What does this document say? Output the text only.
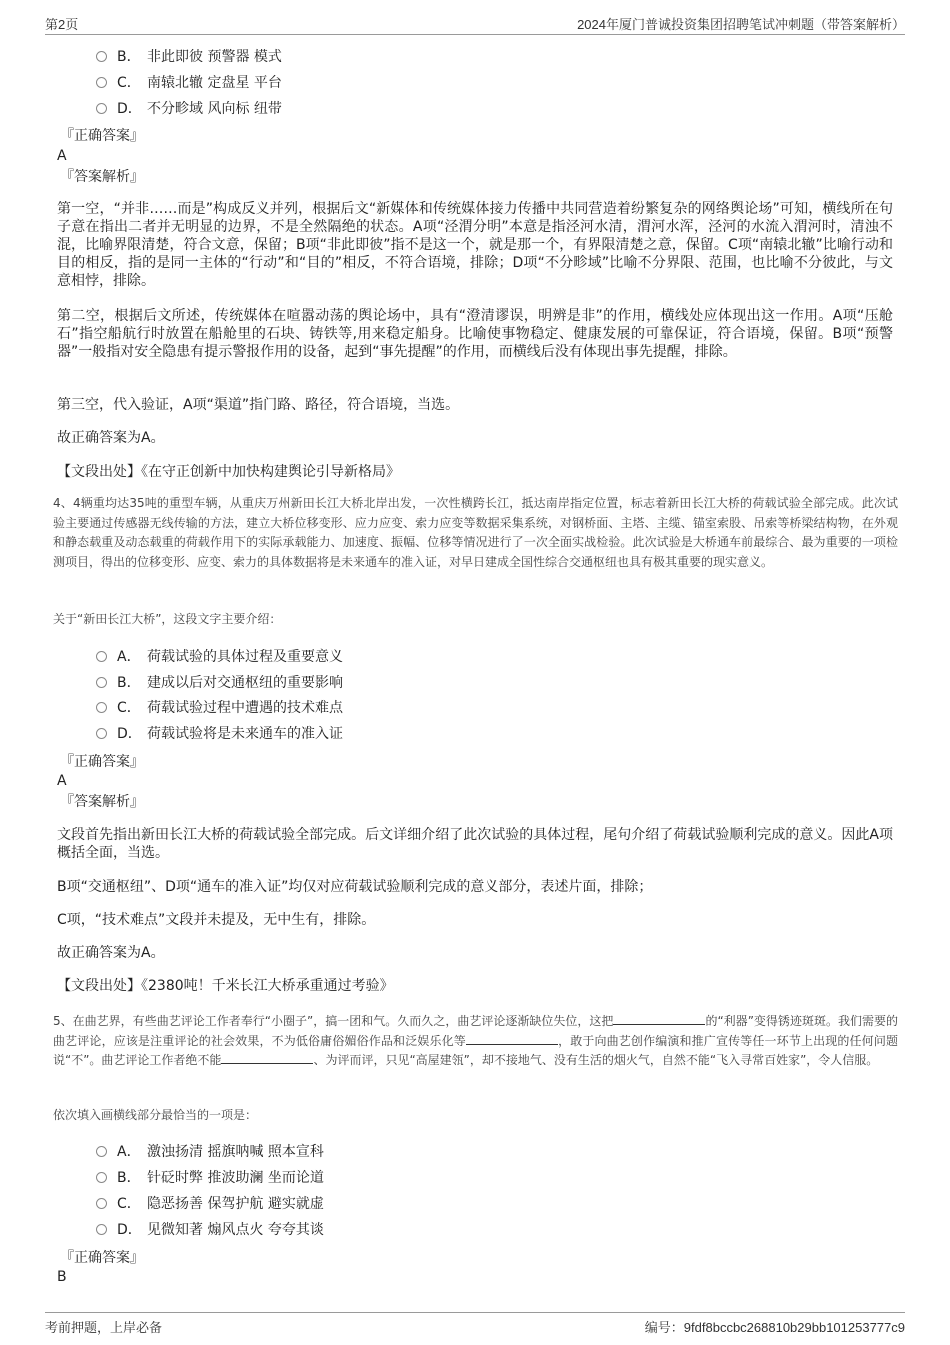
第2页	2024年厦门普诚投资集团招聘笔试冲刺题（带答案解析）
B． 非此即彼 预警器 模式
C． 南辕北辙 定盘星 平台
D． 不分畛域 风向标 纽带
『正确答案』
A
『答案解析』
第一空，“并非……而是”构成反义并列，根据后文“新媒体和传统媒体接力传播中共同营造着纷繁复杂的网络舆论场”可知，横线所在句子意在指出二者并无明显的边界，不是全然隔绝的状态。A项“泾渭分明”本意是指泾河水清，渭河水浑，泾河的水流入渭河时，清浊不混，比喻界限清楚，符合文意，保留；B项“非此即彼”指不是这一个，就是那一个，有界限清楚之意，保留。C项“南辕北辙”比喻行动和目的相反，指的是同一主体的“行动”和“目的”相反，不符合语境，排除；D项“不分畛域”比喻不分界限、范围，也比喻不分彼此，与文意相悖，排除。
第二空，根据后文所述，传统媒体在喧嚣动荡的舆论场中，具有“澄清谬误，明辨是非”的作用，横线处应体现出这一作用。A项“压舱石”指空船航行时放置在船舱里的石块、铸铁等,用来稳定船身。比喻使事物稳定、健康发展的可靠保证，符合语境，保留。B项“预警器”一般指对安全隐患有提示警报作用的设备，起到“事先提醒”的作用，而横线后没有体现出事先提醒，排除。
第三空，代入验证，A项“渠道”指门路、路径，符合语境，当选。
故正确答案为A。
【文段出处】《在守正创新中加快构建舆论引导新格局》
4、4辆重均达35吨的重型车辆，从重庆万州新田长江大桥北岸出发，一次性横跨长江，抵达南岸指定位置，标志着新田长江大桥的荷载试验全部完成。此次试验主要通过传感器无线传输的方法，建立大桥位移变形、应力应变、索力应变等数据采集系统，对钢桥面、主塔、主缆、锚室索股、吊索等桥梁结构物，在外观和静态载重及动态载重的荷载作用下的实际承载能力、加速度、振幅、位移等情况进行了一次全面实战检验。此次试验是大桥通车前最综合、最为重要的一项检测项目，得出的位移变形、应变、索力的具体数据将是未来通车的准入证，对早日建成全国性综合交通枢纽也具有极其重要的现实意义。
关于“新田长江大桥”，这段文字主要介绍：
A． 荷载试验的具体过程及重要意义
B． 建成以后对交通枢纽的重要影响
C． 荷载试验过程中遭遇的技术难点
D． 荷载试验将是未来通车的准入证
『正确答案』
A
『答案解析』
文段首先指出新田长江大桥的荷载试验全部完成。后文详细介绍了此次试验的具体过程，尾句介绍了荷载试验顺利完成的意义。因此A项概括全面，当选。
B项“交通枢纽”、D项“通车的准入证”均仅对应荷载试验顺利完成的意义部分，表述片面，排除；
C项，“技术难点”文段并未提及，无中生有，排除。
故正确答案为A。
【文段出处】《2380吨！千米长江大桥承重通过考验》
5、在曲艺界，有些曲艺评论工作者奉行“小圈子”，搞一团和气。久而久之，曲艺评论逐渐缺位失位，这把	的“利器”变得锈迹斑斑。我们需要的曲艺评论，应该是注重评论的社会效果，不为低俗庸俗媚俗作品和泛娱乐化等	，敢于向曲艺创作编演和推广宣传等任一环节上出现的任何问题说“不”。曲艺评论工作者绝不能	、为评而评，只见“高屋建瓴”，却不接地气、没有生活的烟火气，自然不能“飞入寻常百姓家”，令人信服。
依次填入画横线部分最恰当的一项是：
A． 激浊扬清 摇旗呐喊 照本宣科
B． 针砭时弊 推波助澜 坐而论道
C． 隐恶扬善 保驾护航 避实就虚
D． 见微知著 煽风点火 夸夸其谈
『正确答案』
B
考前押题，上岸必备	编号：9fdf8bccbc268810b29bb101253777c9
